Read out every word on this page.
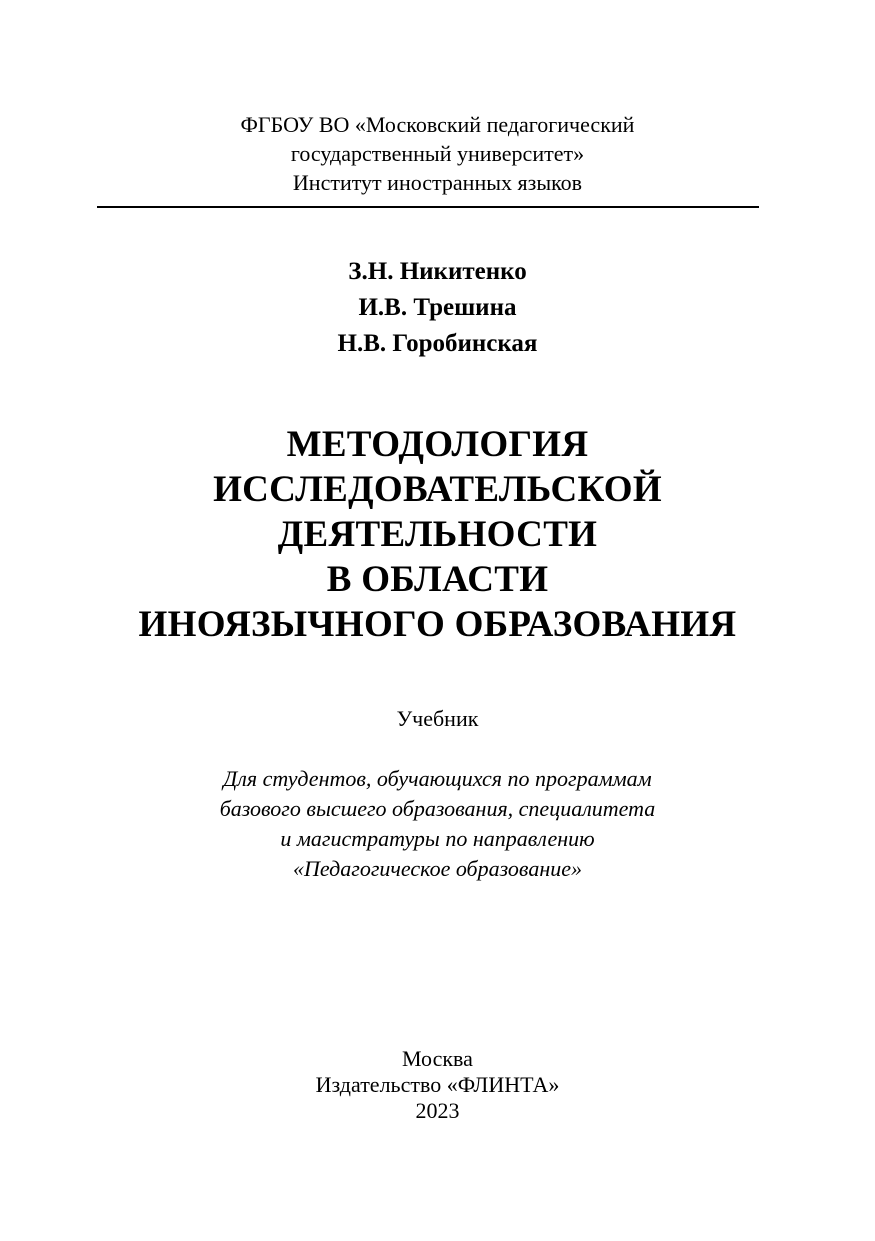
ФГБОУ ВО «Московский педагогический
государственный университет»
Институт иностранных языков
З.Н. Никитенко
И.В. Трешина
Н.В. Горобинская
МЕТОДОЛОГИЯ
ИССЛЕДОВАТЕЛЬСКОЙ
ДЕЯТЕЛЬНОСТИ
В ОБЛАСТИ
ИНОЯЗЫЧНОГО ОБРАЗОВАНИЯ
Учебник
Для студентов, обучающихся по программам
базового высшего образования, специалитета
и магистратуры по направлению
«Педагогическое образование»
Москва
Издательство «ФЛИНТА»
2023
